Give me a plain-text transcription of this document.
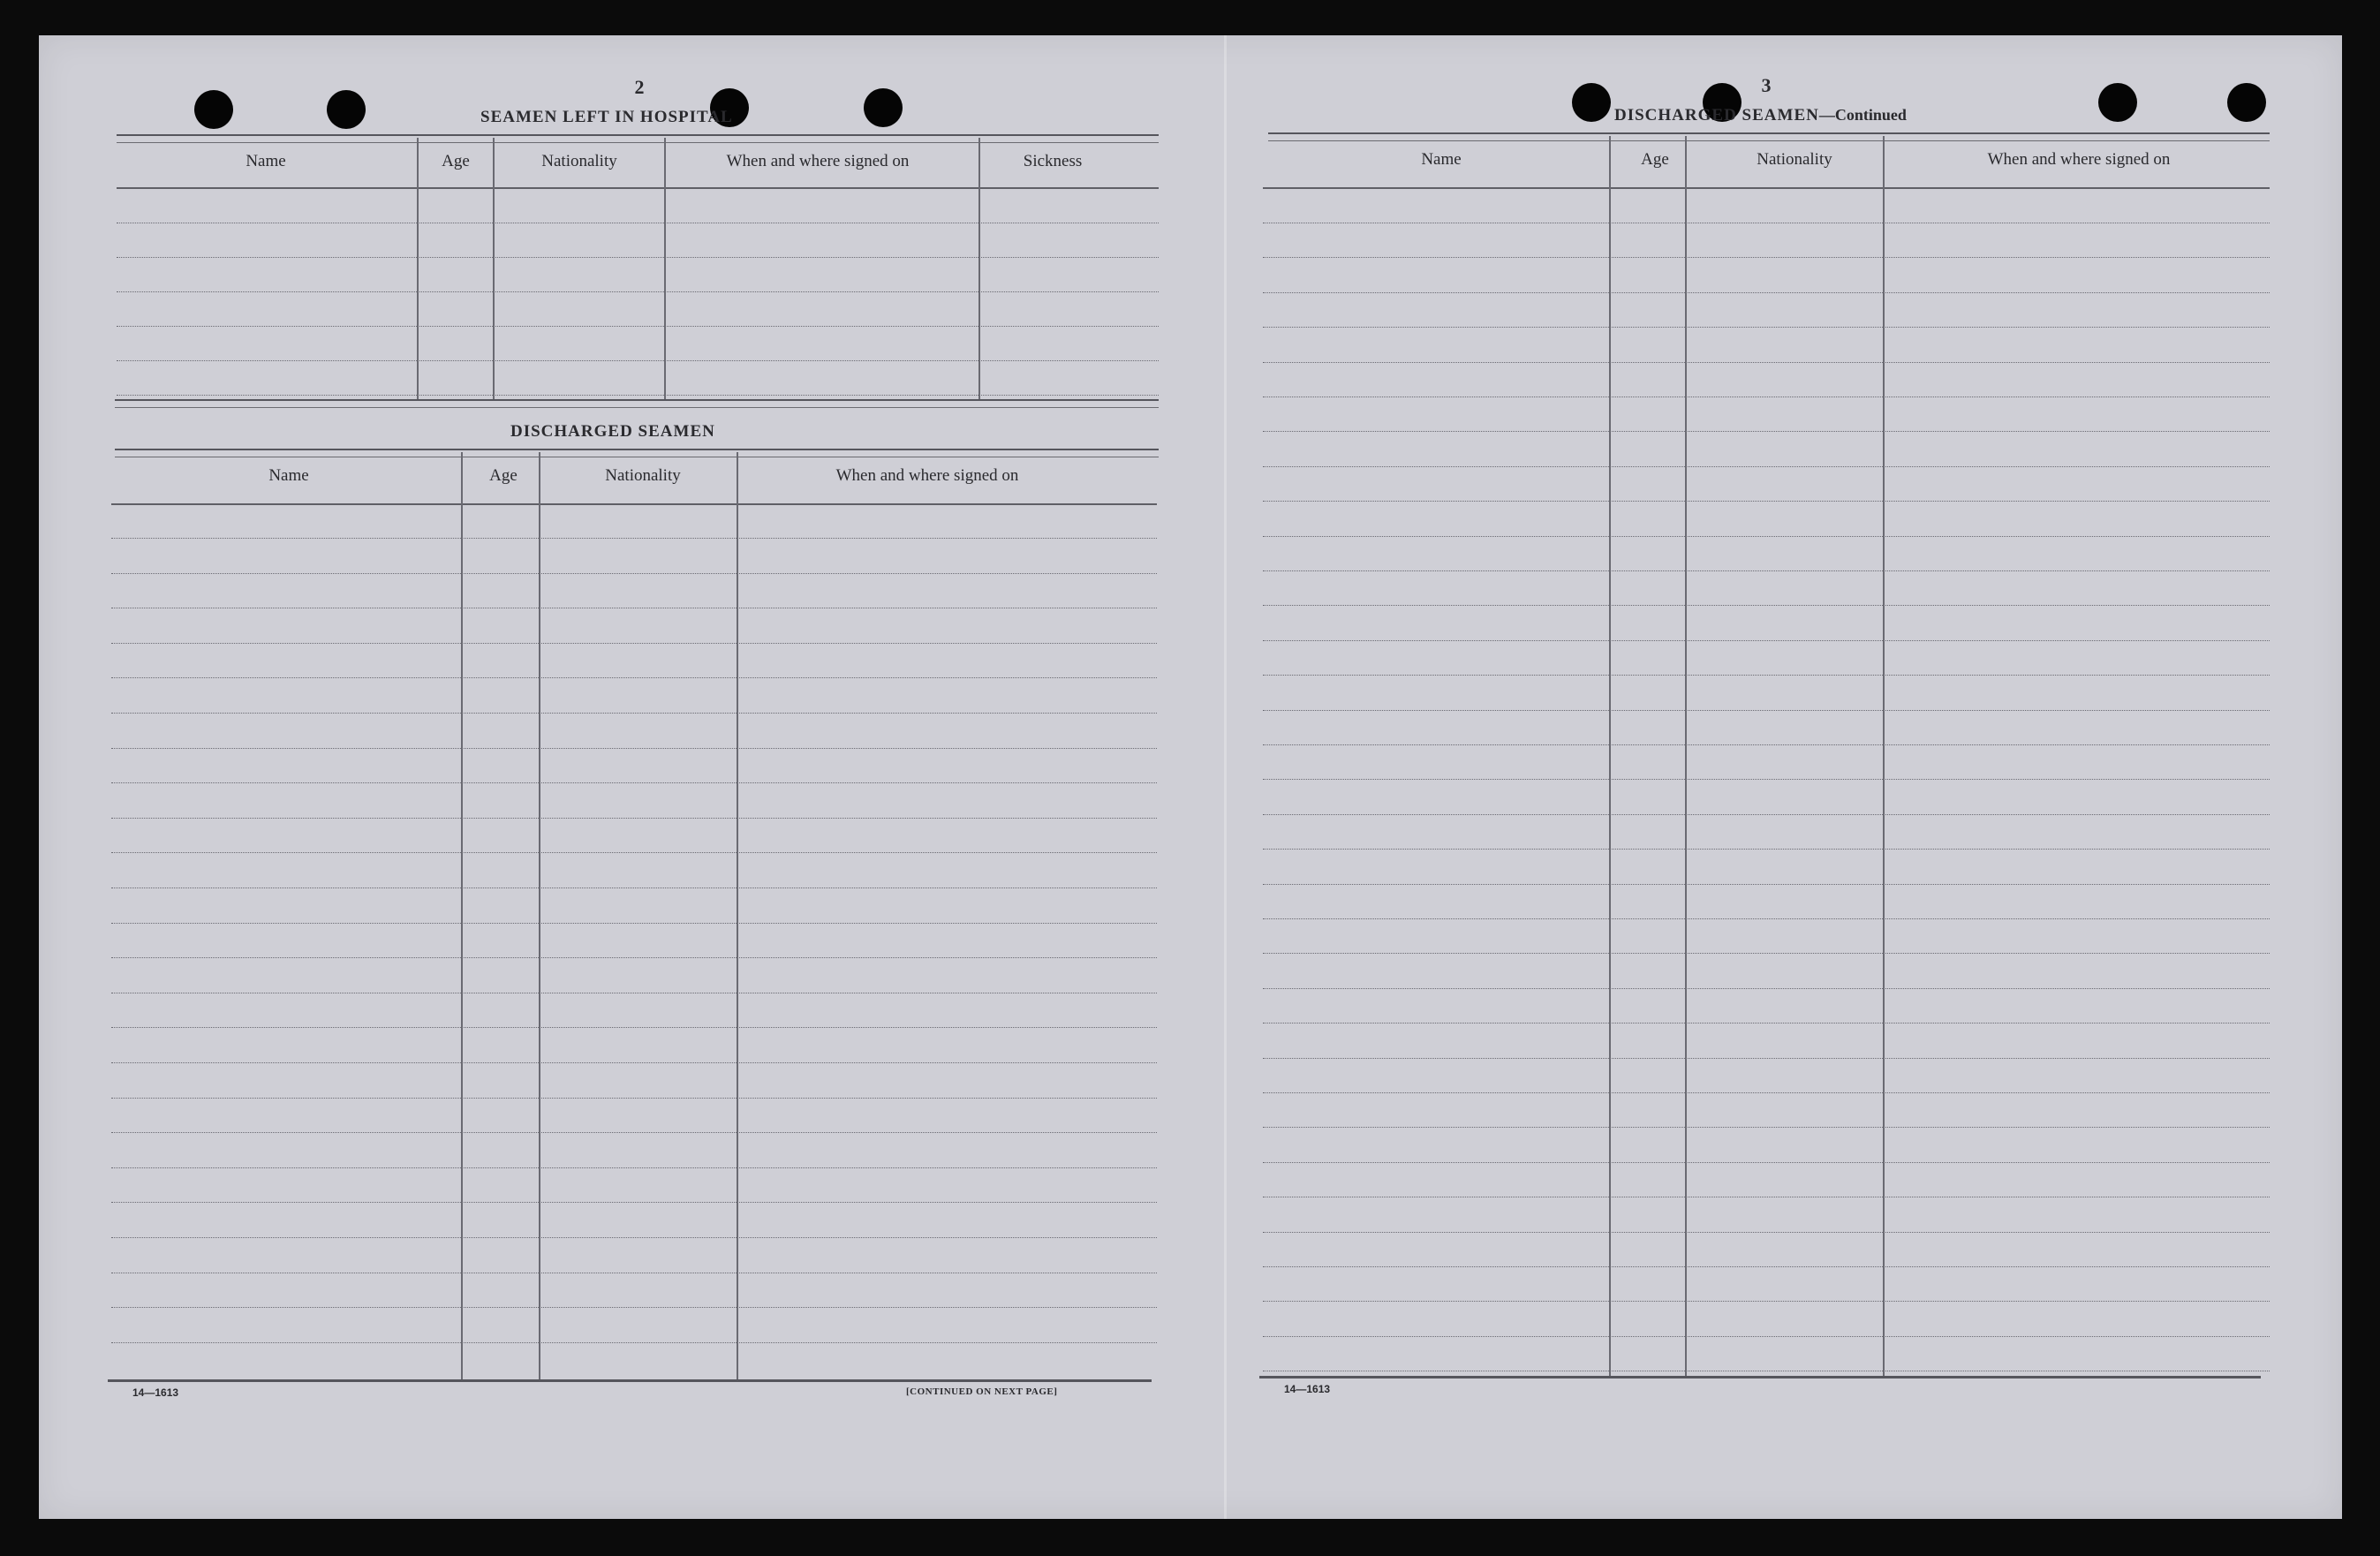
2
SEAMEN LEFT IN HOSPITAL
Name	Age	Nationality	When and where signed on	Sickness
DISCHARGED SEAMEN
Name	Age	Nationality	When and where signed on
14—1613	[CONTINUED ON NEXT PAGE]
3
DISCHARGED SEAMEN—Continued
Name	Age	Nationality	When and where signed on
14—1613
